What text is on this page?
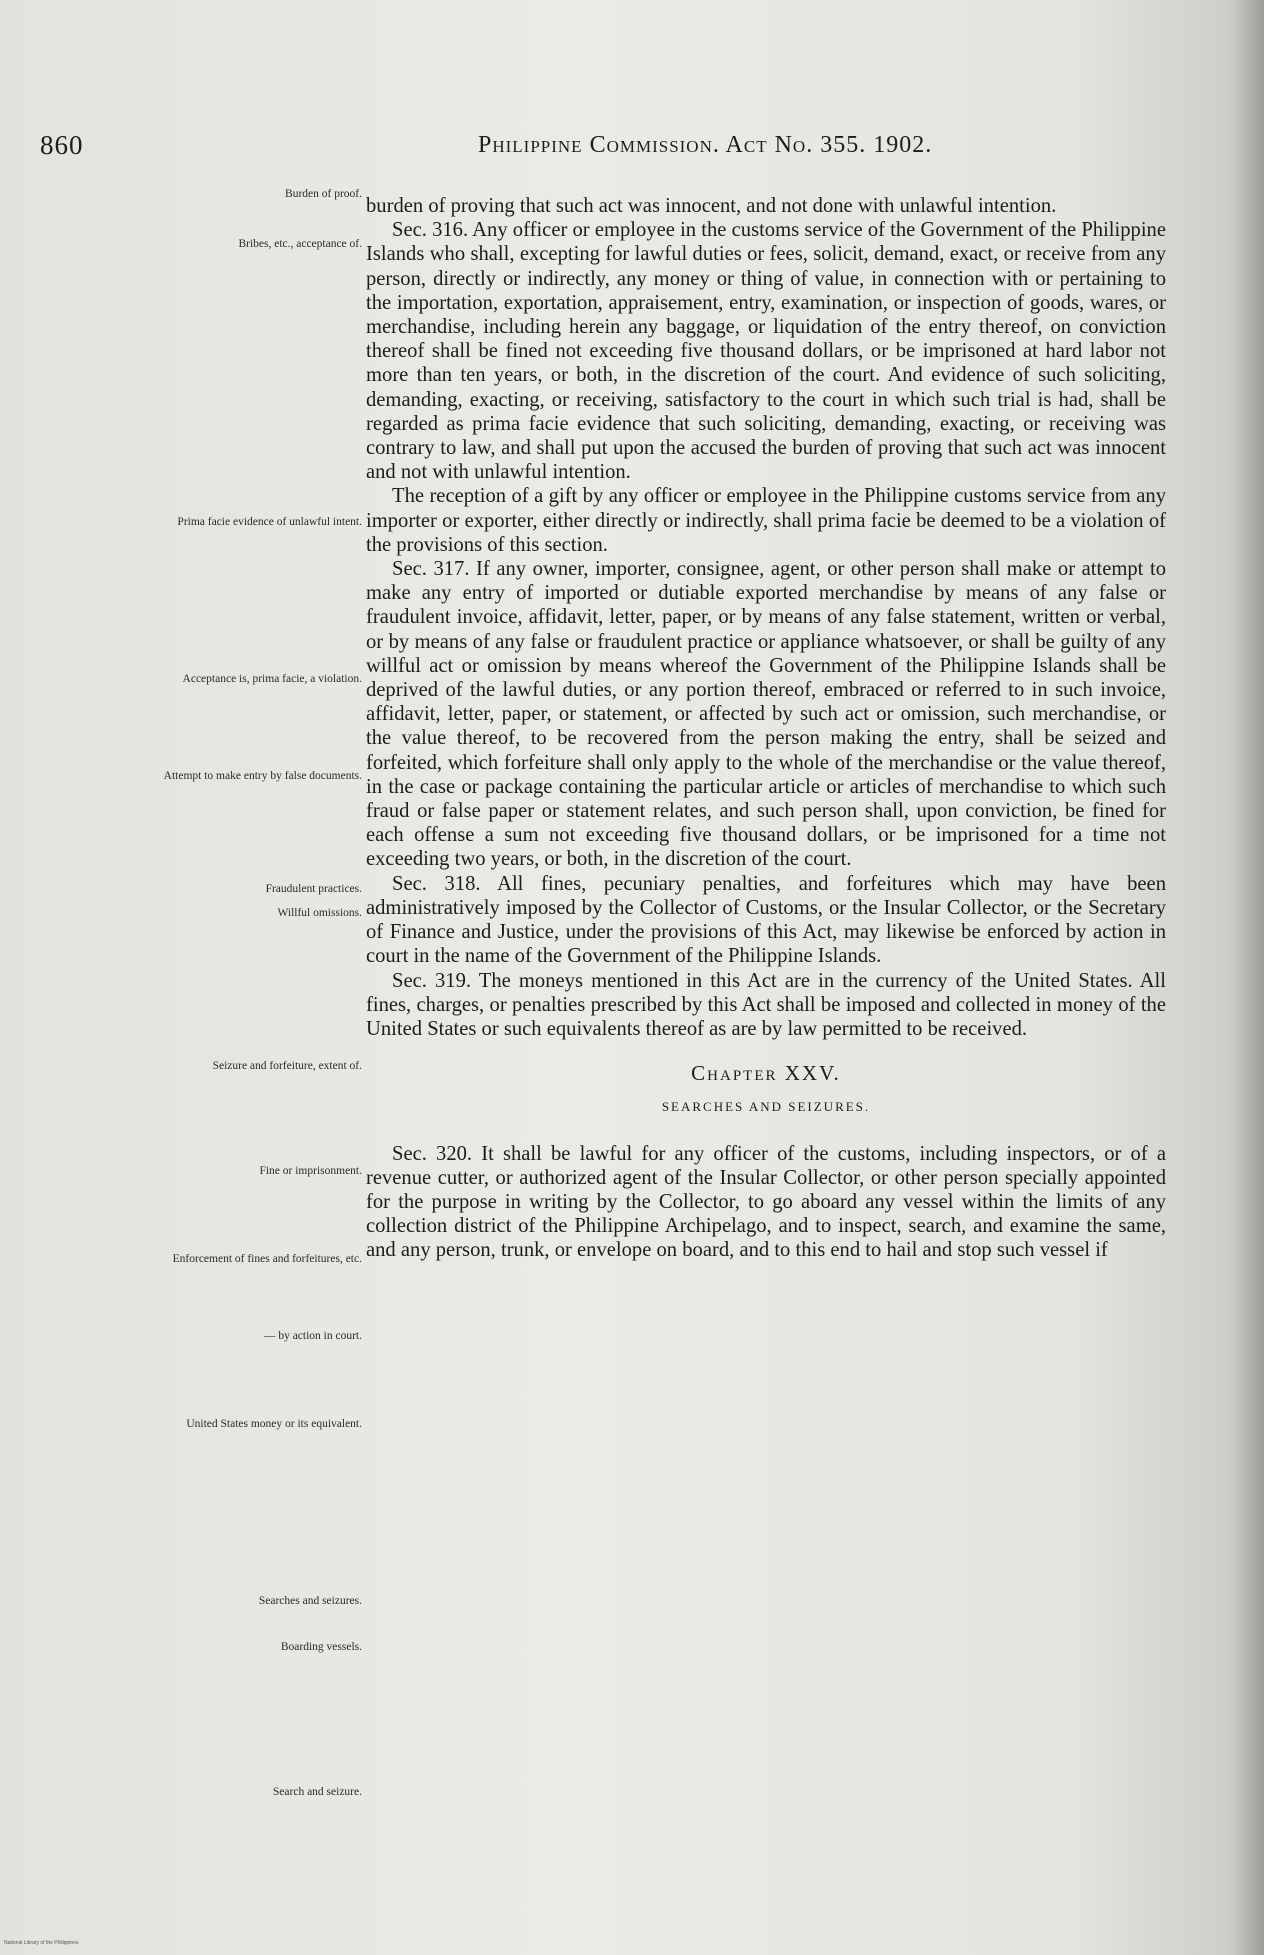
860	Philippine Commission. Act No. 355. 1902.
Burden of proof.
Bribes, etc., acceptance of.
Prima facie evidence of unlawful intent.
Acceptance is, prima facie, a violation.
Attempt to make entry by false documents.
Fraudulent practices.
Willful omissions.
Seizure and forfeiture, extent of.
Fine or imprisonment.
Enforcement of fines and forfeitures, etc.
— by action in court.
United States money or its equivalent.
Searches and seizures.
Boarding vessels.
Search and seizure.

burden of proving that such act was innocent, and not done with unlawful intention.

Sec. 316. Any officer or employee in the customs service of the Government of the Philippine Islands who shall, excepting for lawful duties or fees, solicit, demand, exact, or receive from any person, directly or indirectly, any money or thing of value, in connection with or pertaining to the importation, exportation, appraisement, entry, examination, or inspection of goods, wares, or merchandise, including herein any baggage, or liquidation of the entry thereof, on conviction thereof shall be fined not exceeding five thousand dollars, or be imprisoned at hard labor not more than ten years, or both, in the discretion of the court. And evidence of such soliciting, demanding, exacting, or receiving, satisfactory to the court in which such trial is had, shall be regarded as prima facie evidence that such soliciting, demanding, exacting, or receiving was contrary to law, and shall put upon the accused the burden of proving that such act was innocent and not with unlawful intention.

The reception of a gift by any officer or employee in the Philippine customs service from any importer or exporter, either directly or indirectly, shall prima facie be deemed to be a violation of the provisions of this section.

Sec. 317. If any owner, importer, consignee, agent, or other person shall make or attempt to make any entry of imported or dutiable exported merchandise by means of any false or fraudulent invoice, affidavit, letter, paper, or by means of any false statement, written or verbal, or by means of any false or fraudulent practice or appliance whatsoever, or shall be guilty of any willful act or omission by means whereof the Government of the Philippine Islands shall be deprived of the lawful duties, or any portion thereof, embraced or referred to in such invoice, affidavit, letter, paper, or statement, or affected by such act or omission, such merchandise, or the value thereof, to be recovered from the person making the entry, shall be seized and forfeited, which forfeiture shall only apply to the whole of the merchandise or the value thereof, in the case or package containing the particular article or articles of merchandise to which such fraud or false paper or statement relates, and such person shall, upon conviction, be fined for each offense a sum not exceeding five thousand dollars, or be imprisoned for a time not exceeding two years, or both, in the discretion of the court.

Sec. 318. All fines, pecuniary penalties, and forfeitures which may have been administratively imposed by the Collector of Customs, or the Insular Collector, or the Secretary of Finance and Justice, under the provisions of this Act, may likewise be enforced by action in court in the name of the Government of the Philippine Islands.

Sec. 319. The moneys mentioned in this Act are in the currency of the United States. All fines, charges, or penalties prescribed by this Act shall be imposed and collected in money of the United States or such equivalents thereof as are by law permitted to be received.

Chapter XXV.
SEARCHES AND SEIZURES.

Sec. 320. It shall be lawful for any officer of the customs, including inspectors, or of a revenue cutter, or authorized agent of the Insular Collector, or other person specially appointed for the purpose in writing by the Collector, to go aboard any vessel within the limits of any collection district of the Philippine Archipelago, and to inspect, search, and examine the same, and any person, trunk, or envelope on board, and to this end to hail and stop such vessel if

National Library of the Philippines
